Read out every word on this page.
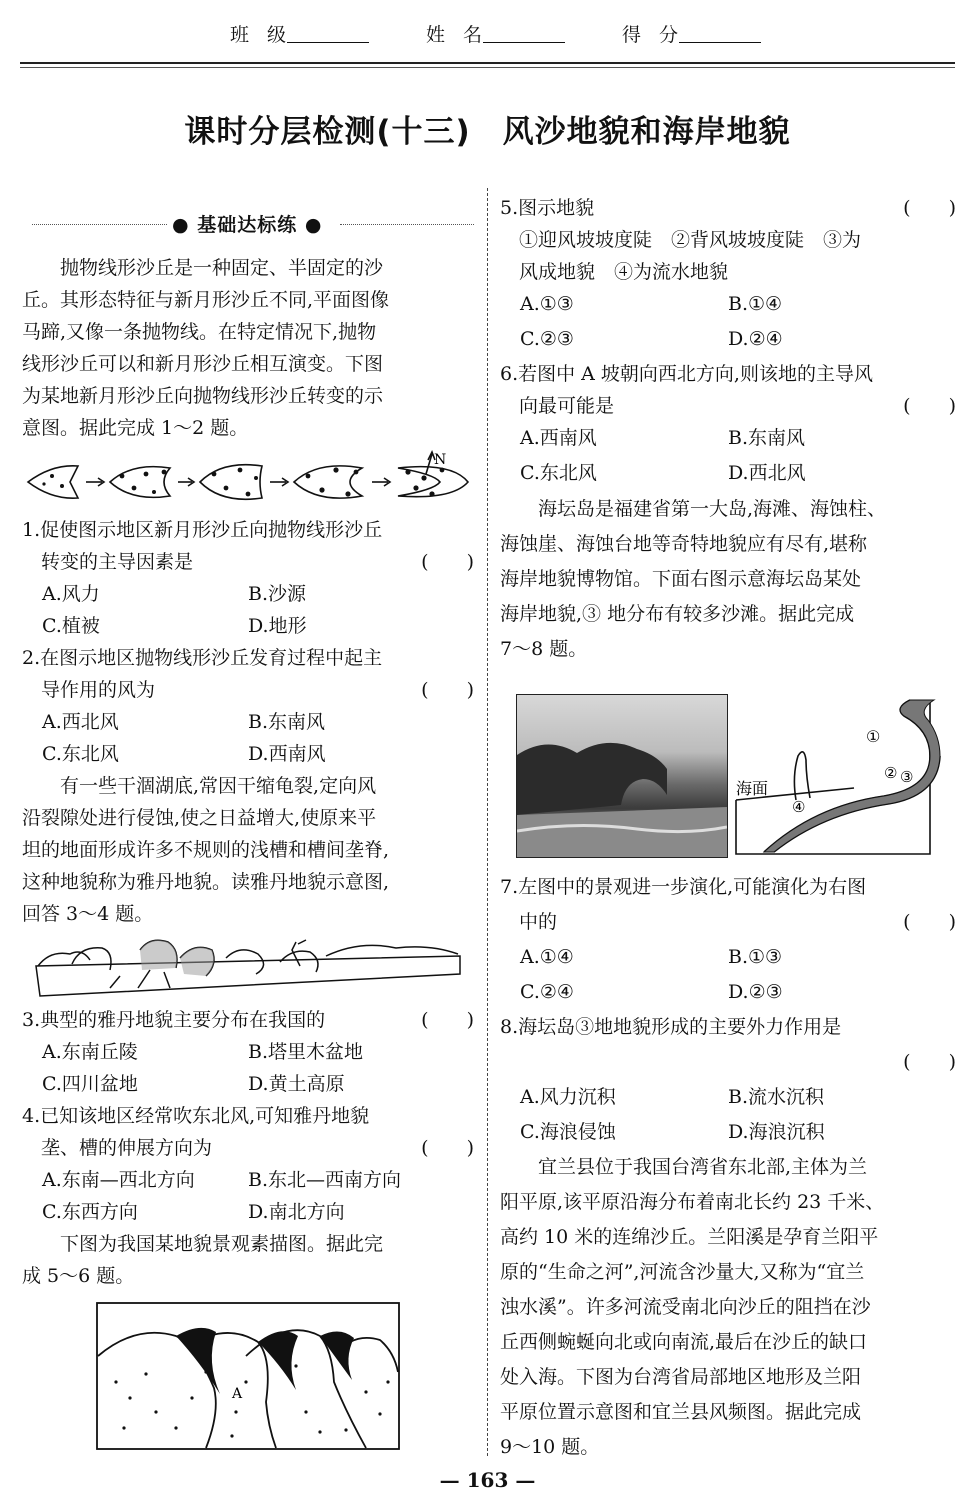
班 级	姓 名	得 分
课时分层检测(十三)　风沙地貌和海岸地貌
● 基础达标练 ●
　　抛物线形沙丘是一种固定、半固定的沙
丘。其形态特征与新月形沙丘不同,平面图像
马蹄,又像一条抛物线。在特定情况下,抛物
线形沙丘可以和新月形沙丘相互演变。下图
为某地新月形沙丘向抛物线形沙丘转变的示
意图。据此完成 1～2 题。
N
1.促使图示地区新月形沙丘向抛物线形沙丘
　转变的主导因素是	(　　)
A.风力	B.沙源
C.植被	D.地形
2.在图示地区抛物线形沙丘发育过程中起主
　导作用的风为	(　　)
A.西北风	B.东南风
C.东北风	D.西南风
　　有一些干涸湖底,常因干缩龟裂,定向风
沿裂隙处进行侵蚀,使之日益增大,使原来平
坦的地面形成许多不规则的浅槽和槽间垄脊,
这种地貌称为雅丹地貌。读雅丹地貌示意图,
回答 3～4 题。
3.典型的雅丹地貌主要分布在我国的	(　　)
A.东南丘陵	B.塔里木盆地
C.四川盆地	D.黄土高原
4.已知该地区经常吹东北风,可知雅丹地貌
　垄、槽的伸展方向为	(　　)
A.东南—西北方向	B.东北—西南方向
C.东西方向	D.南北方向
　　下图为我国某地貌景观素描图。据此完
成 5～6 题。
A
5.图示地貌	(　　)
　①迎风坡坡度陡　②背风坡坡度陡　③为
　风成地貌　④为流水地貌
A.①③	B.①④
C.②③	D.②④
6.若图中 A 坡朝向西北方向,则该地的主导风
　向最可能是	(　　)
A.西南风	B.东南风
C.东北风	D.西北风
　　海坛岛是福建省第一大岛,海滩、海蚀柱、
海蚀崖、海蚀台地等奇特地貌应有尽有,堪称
海岸地貌博物馆。下面右图示意海坛岛某处
海岸地貌,③ 地分布有较多沙滩。据此完成
7～8 题。
①
② ③
④
海面
7.左图中的景观进一步演化,可能演化为右图
　中的	(　　)
A.①④	B.①③
C.②④	D.②③
8.海坛岛③地地貌形成的主要外力作用是
(　　)
A.风力沉积	B.流水沉积
C.海浪侵蚀	D.海浪沉积
　　宜兰县位于我国台湾省东北部,主体为兰
阳平原,该平原沿海分布着南北长约 23 千米、
高约 10 米的连绵沙丘。兰阳溪是孕育兰阳平
原的“生命之河”,河流含沙量大,又称为“宜兰
浊水溪”。许多河流受南北向沙丘的阻挡在沙
丘西侧蜿蜒向北或向南流,最后在沙丘的缺口
处入海。下图为台湾省局部地区地形及兰阳
平原位置示意图和宜兰县风频图。据此完成
9～10 题。
— 163 —
